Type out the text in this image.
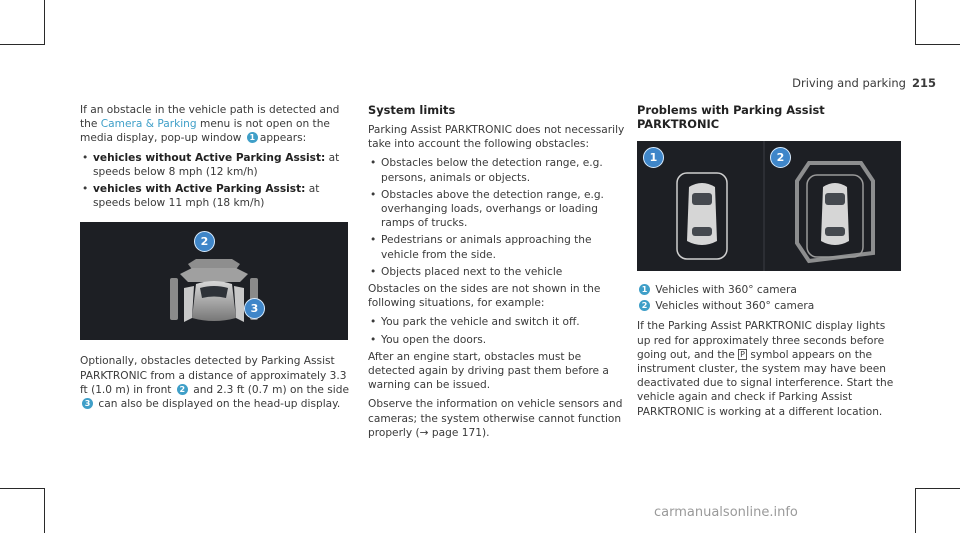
Driving and parking 215

If an obstacle in the vehicle path is detected and the Camera & Parking menu is not open on the media display, pop-up window 1 appears:

• vehicles without Active Parking Assist: at speeds below 8 mph (12 km/h)
• vehicles with Active Parking Assist: at speeds below 11 mph (18 km/h)
2
3

Optionally, obstacles detected by Parking Assist PARKTRONIC from a distance of approximately 3.3 ft (1.0 m) in front 2 and 2.3 ft (0.7 m) on the side 3 can also be displayed on the head-up display.

System limits

Parking Assist PARKTRONIC does not necessarily take into account the following obstacles:

• Obstacles below the detection range, e.g. persons, animals or objects.
• Obstacles above the detection range, e.g. overhanging loads, overhangs or loading ramps of trucks.
• Pedestrians or animals approaching the vehicle from the side.
• Objects placed next to the vehicle

Obstacles on the sides are not shown in the following situations, for example:

• You park the vehicle and switch it off.
• You open the doors.

After an engine start, obstacles must be detected again by driving past them before a warning can be issued.

Observe the information on vehicle sensors and cameras; the system otherwise cannot function properly (→ page 171).

Problems with Parking Assist PARKTRONIC
1	2
1 Vehicles with 360° camera
2 Vehicles without 360° camera

If the Parking Assist PARKTRONIC display lights up red for approximately three seconds before going out, and the P symbol appears on the instrument cluster, the system may have been deactivated due to signal interference. Start the vehicle again and check if Parking Assist PARKTRONIC is working at a different location.

carmanualsonline.info
